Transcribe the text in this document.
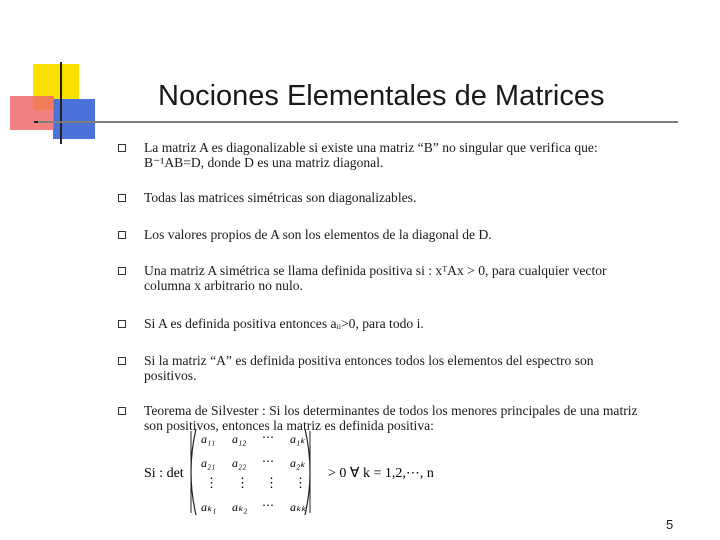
Nociones Elementales de Matrices
La matriz A es diagonalizable si existe una matriz “B” no singular que verifica que: B⁻¹AB=D, donde D es una matriz diagonal.
Todas las matrices simétricas son diagonalizables.
Los valores propios de A son los elementos de la diagonal de D.
Una matriz A simétrica se llama definida positiva si : xᵀAx > 0, para cualquier vector columna x arbitrario no nulo.
Si A es definida positiva entonces aᵢᵢ>0, para todo i.
Si la matriz “A” es definida positiva entonces todos los elementos del espectro son positivos.
Teorema de Silvester : Si los determinantes de todos los menores principales de una matriz son positivos, entonces la matriz es definida positiva:
Si : det
a₁₁ a₁₂ ⋯ a₁ₖ
a₂₁ a₂₂ ⋯ a₂ₖ
⋮ ⋮ ⋮ ⋮
aₖ₁ aₖ₂ ⋯ aₖₖ
> 0 ∀ k = 1,2,⋯, n
5
